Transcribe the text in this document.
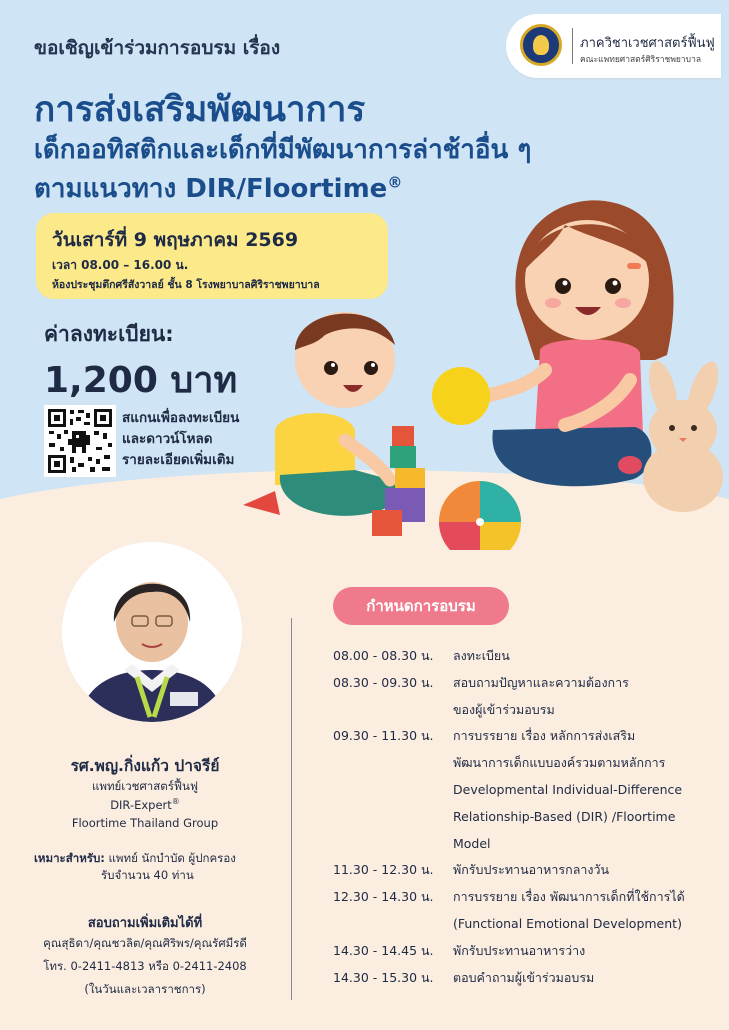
ภาควิชาเวชศาสตร์ฟื้นฟู
คณะแพทยศาสตร์ศิริราชพยาบาล
ขอเชิญเข้าร่วมการอบรม เรื่อง
การส่งเสริมพัฒนาการ
เด็กออทิสติกและเด็กที่มีพัฒนาการล่าช้าอื่น ๆ
ตามแนวทาง DIR/Floortime®
วันเสาร์ที่ 9 พฤษภาคม 2569
เวลา 08.00 – 16.00 น.
ห้องประชุมตึกศรีสังวาลย์ ชั้น 8 โรงพยาบาลศิริราชพยาบาล
ค่าลงทะเบียน:
1,200 บาท
สแกนเพื่อลงทะเบียน
และดาวน์โหลด
รายละเอียดเพิ่มเติม
รศ.พญ.กิ่งแก้ว ปาจรีย์
แพทย์เวชศาสตร์ฟื้นฟู
DIR-Expert®
Floortime Thailand Group
เหมาะสำหรับ: แพทย์ นักบำบัด ผู้ปกครอง
รับจำนวน 40 ท่าน
สอบถามเพิ่มเติมได้ที่
คุณสุธิดา/คุณชวลิต/คุณศิริพร/คุณรัศมีรดี
โทร. 0-2411-4813 หรือ 0-2411-2408
(ในวันและเวลาราชการ)
กำหนดการอบรม
08.00 - 08.30 น.	ลงทะเบียน
08.30 - 09.30 น.	สอบถามปัญหาและความต้องการ
ของผู้เข้าร่วมอบรม
09.30 - 11.30 น.	การบรรยาย เรื่อง หลักการส่งเสริม
พัฒนาการเด็กแบบองค์รวมตามหลักการ
Developmental Individual-Difference
Relationship-Based (DIR) /Floortime
Model
11.30 - 12.30 น.	พักรับประทานอาหารกลางวัน
12.30 - 14.30 น.	การบรรยาย เรื่อง พัฒนาการเด็กที่ใช้การได้
(Functional Emotional Development)
14.30 - 14.45 น.	พักรับประทานอาหารว่าง
14.30 - 15.30 น.	ตอบคำถามผู้เข้าร่วมอบรม
